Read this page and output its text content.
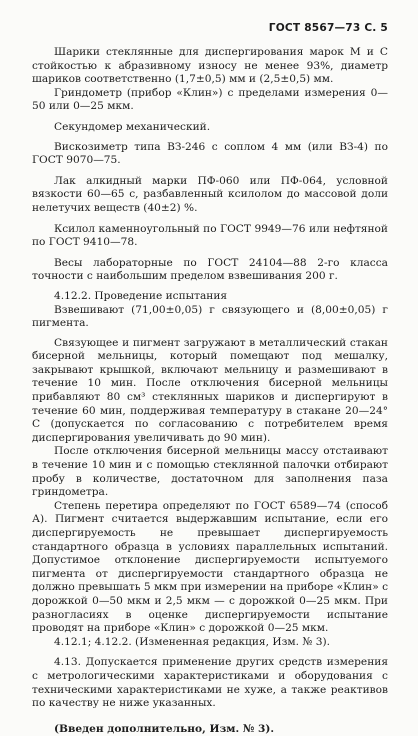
ГОСТ 8567—73 С. 5

Шарики стеклянные для диспергирования марок М и С стойкостью к абразивному износу не менее 93%, диаметр шариков соответственно (1,7±0,5) мм и (2,5±0,5) мм.

Гриндометр (прибор «Клин») с пределами измерения 0—50 или 0—25 мкм.

Секундомер механический.

Вискозиметр типа ВЗ-246 с соплом 4 мм (или ВЗ-4) по ГОСТ 9070—75.

Лак алкидный марки ПФ-060 или ПФ-064, условной вязкости 60—65 с, разбавленный ксилолом до массовой доли нелетучих веществ (40±2) %.

Ксилол каменноугольный по ГОСТ 9949—76 или нефтяной по ГОСТ 9410—78.

Весы лабораторные по ГОСТ 24104—88 2-го класса точности с наибольшим пределом взвешивания 200 г.

4.12.2. Проведение испытания

Взвешивают (71,00±0,05) г связующего и (8,00±0,05) г пигмента.

Связующее и пигмент загружают в металлический стакан бисерной мельницы, который помещают под мешалку, закрывают крышкой, включают мельницу и размешивают в течение 10 мин. После отключения бисерной мельницы прибавляют 80 см³ стеклянных шариков и диспергируют в течение 60 мин, поддерживая температуру в стакане 20—24° С (допускается по согласованию с потребителем время диспергирования увеличивать до 90 мин).

После отключения бисерной мельницы массу отстаивают в течение 10 мин и с помощью стеклянной палочки отбирают пробу в количестве, достаточном для заполнения паза гриндометра.

Степень перетира определяют по ГОСТ 6589—74 (способ А). Пигмент считается выдержавшим испытание, если его диспергируемость не превышает диспергируемость стандартного образца в условиях параллельных испытаний. Допустимое отклонение диспергируемости испытуемого пигмента от диспергируемости стандартного образца не должно превышать 5 мкм при измерении на приборе «Клин» с дорожкой 0—50 мкм и 2,5 мкм — с дорожкой 0—25 мкм. При разногласиях в оценке диспергируемости испытание проводят на приборе «Клин» с дорожкой 0—25 мкм.

4.12.1; 4.12.2. (Измененная редакция, Изм. № 3).

4.13. Допускается применение других средств измерения с метрологическими характеристиками и оборудования с техническими характеристиками не хуже, а также реактивов по качеству не ниже указанных.

(Введен дополнительно, Изм. № 3).
